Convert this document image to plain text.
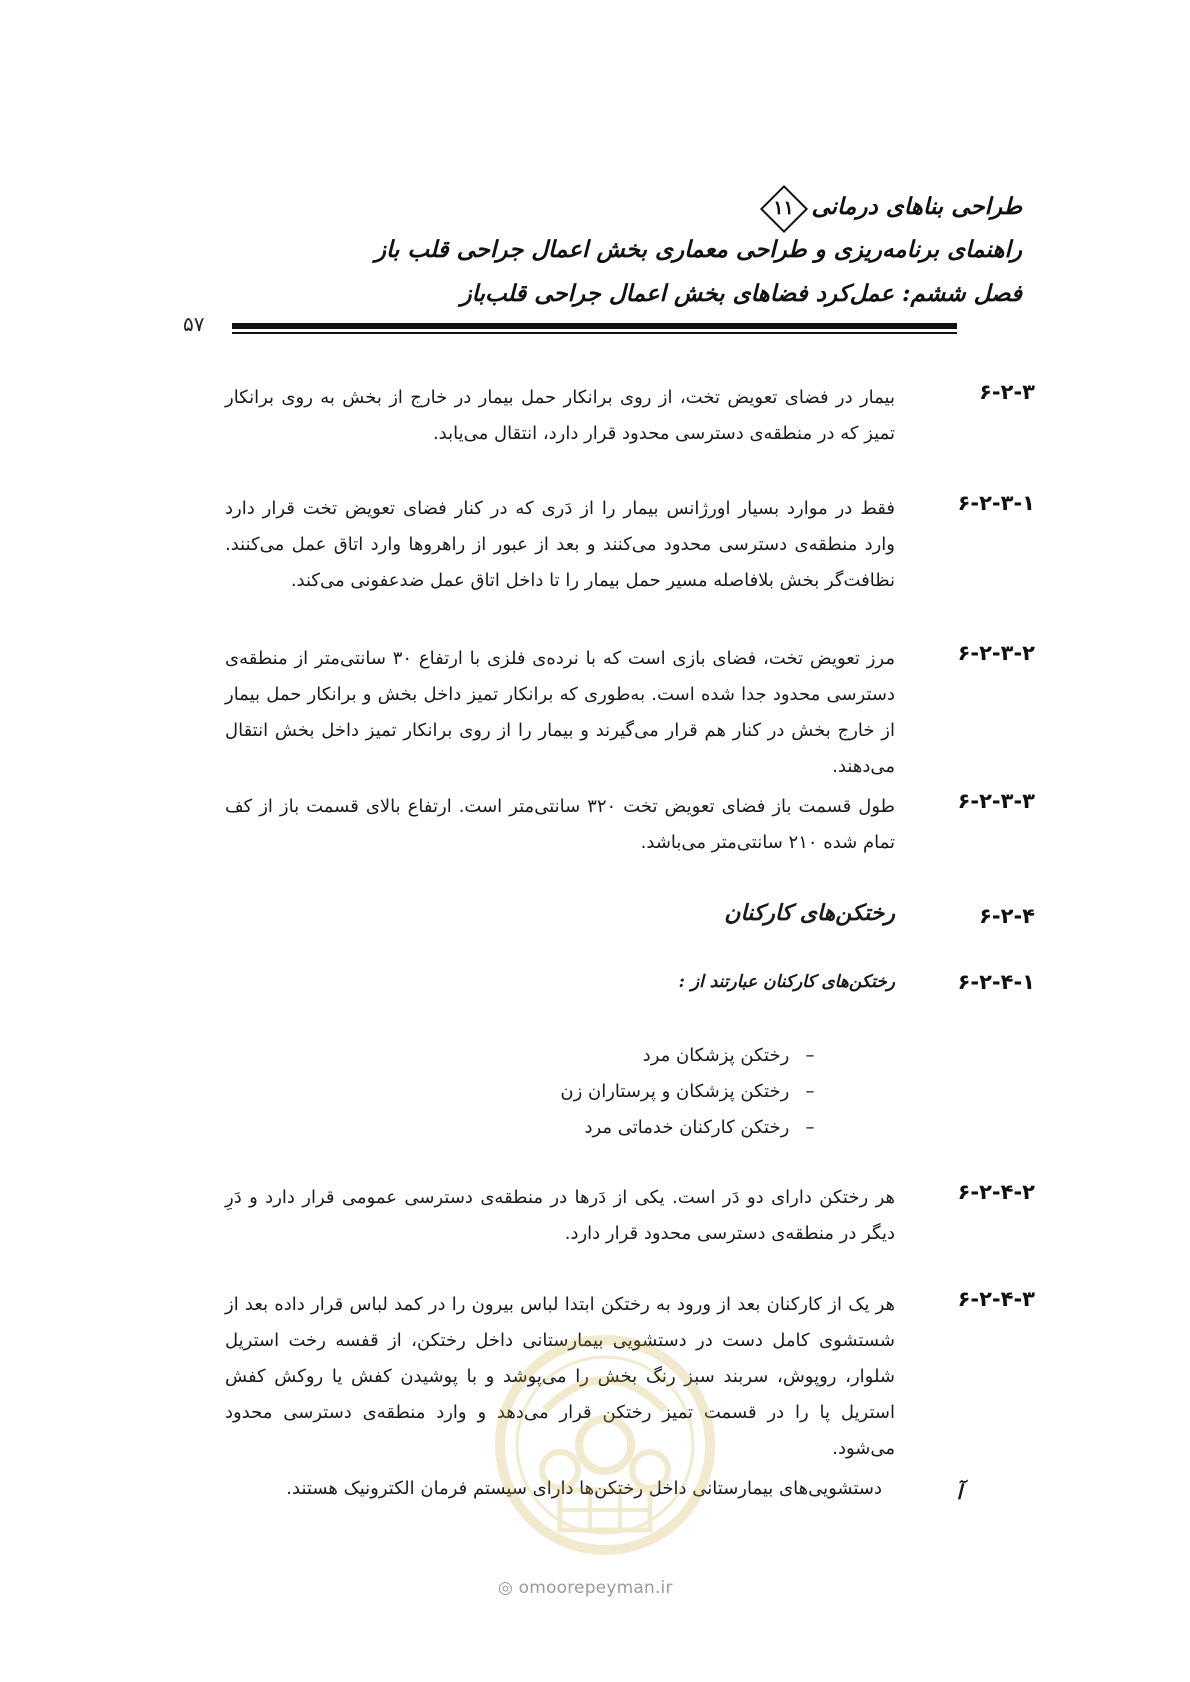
طراحی بناهای درمانی
۱۱
راهنمای برنامه‌ریزی و طراحی معماری بخش اعمال جراحی قلب باز
فصل ششم: عمل‌کرد فضاهای بخش اعمال جراحی قلب‌باز
۵۷
۶-۲-۳
بیمار در فضای تعویض تخت، از روی برانکار حمل بیمار در خارج از بخش به روی برانکار تمیز که در منطقه‌ی دسترسی محدود قرار دارد، انتقال می‌یابد.
۶-۲-۳-۱
فقط در موارد بسیار اورژانس بیمار را از دَری که در کنار فضای تعویض تخت قرار دارد وارد منطقه‌ی دسترسی محدود می‌کنند و بعد از عبور از راهروها وارد اتاق عمل می‌کنند. نظافت‌گر بخش بلافاصله مسیر حمل بیمار را تا داخل اتاق عمل ضدعفونی می‌کند.
۶-۲-۳-۲
مرز تعویض تخت، فضای بازی است که با نرده‌ی فلزی با ارتفاع ۳۰ سانتی‌متر از منطقه‌ی دسترسی محدود جدا شده است. به‌طوری که برانکار تمیز داخل بخش و برانکار حمل بیمار از خارج بخش در کنار هم قرار می‌گیرند و بیمار را از روی برانکار تمیز داخل بخش انتقال می‌دهند.
۶-۲-۳-۳
طول قسمت باز فضای تعویض تخت ۳۲۰ سانتی‌متر است. ارتفاع بالای قسمت باز از کف تمام شده ۲۱۰ سانتی‌متر می‌باشد.
۶-۲-۴
رختکن‌های کارکنان
۶-۲-۴-۱
رختکن‌های کارکنان عبارتند از :
– رختکن پزشکان مرد
– رختکن پزشکان و پرستاران زن
– رختکن کارکنان خدماتی مرد
۶-۲-۴-۲
هر رختکن دارای دو دَر است. یکی از دَرها در منطقه‌ی دسترسی عمومی قرار دارد و دَرِ دیگر در منطقه‌ی دسترسی محدود قرار دارد.
۶-۲-۴-۳
هر یک از کارکنان بعد از ورود به رختکن ابتدا لباس بیرون را در کمد لباس قرار داده بعد از شستشوی کامل دست در دستشویی بیمارستانی داخل رختکن، از قفسه رخت استریل شلوار، روپوش، سربند سبز رنگ بخش را می‌پوشد و با پوشیدن کفش یا روکش کفش استریل پا را در قسمت تمیز رختکن قرار می‌دهد و وارد منطقه‌ی دسترسی محدود می‌شود.
آ
دستشویی‌های بیمارستانی داخل رختکن‌ها دارای سیستم فرمان الکترونیک هستند.
◎ omoorepeyman.ir
